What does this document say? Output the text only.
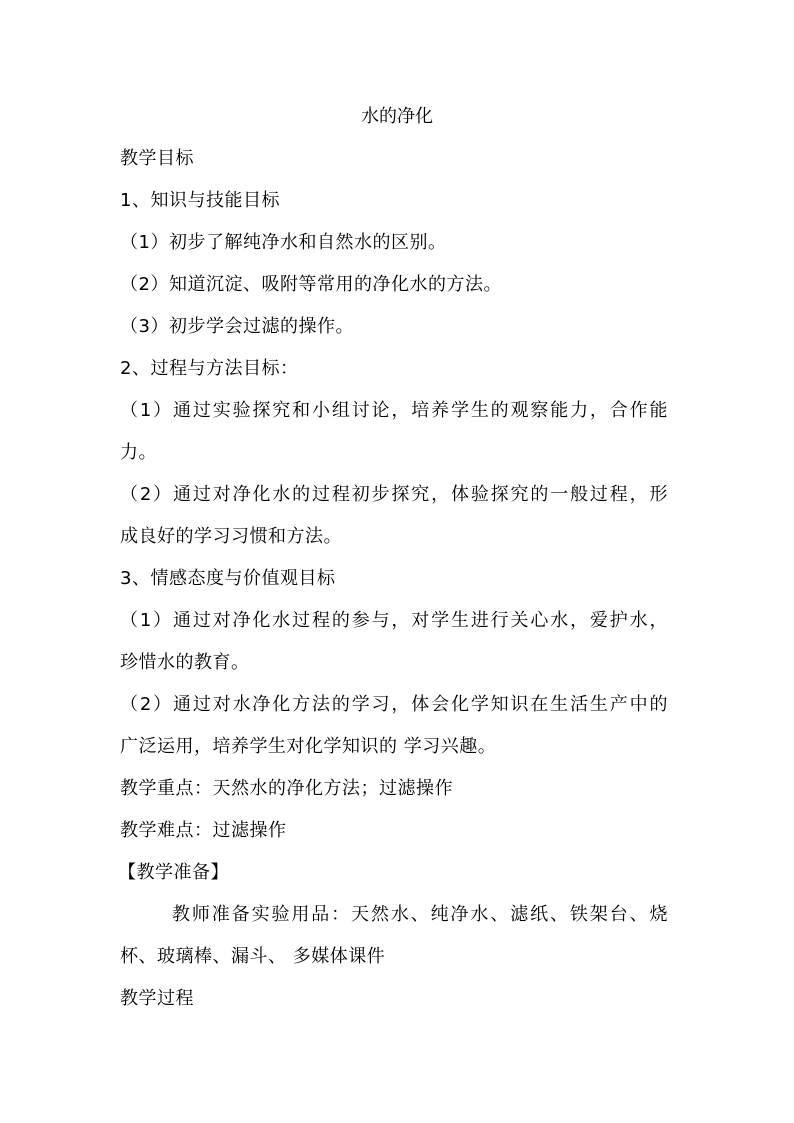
水的净化
教学目标
1、知识与技能目标
（1）初步了解纯净水和自然水的区别。
（2）知道沉淀、吸附等常用的净化水的方法。
（3）初步学会过滤的操作。
2、过程与方法目标：
（1）通过实验探究和小组讨论，培养学生的观察能力，合作能
力。
（2）通过对净化水的过程初步探究，体验探究的一般过程，形
成良好的学习习惯和方法。
3、情感态度与价值观目标
（1）通过对净化水过程的参与，对学生进行关心水，爱护水，
珍惜水的教育。
（2）通过对水净化方法的学习，体会化学知识在生活生产中的
广泛运用，培养学生对化学知识的 学习兴趣。
教学重点：天然水的净化方法；过滤操作
教学难点：过滤操作
【教学准备】
教师准备实验用品：天然水、纯净水、滤纸、铁架台、烧
杯、玻璃棒、漏斗、 多媒体课件
教学过程
